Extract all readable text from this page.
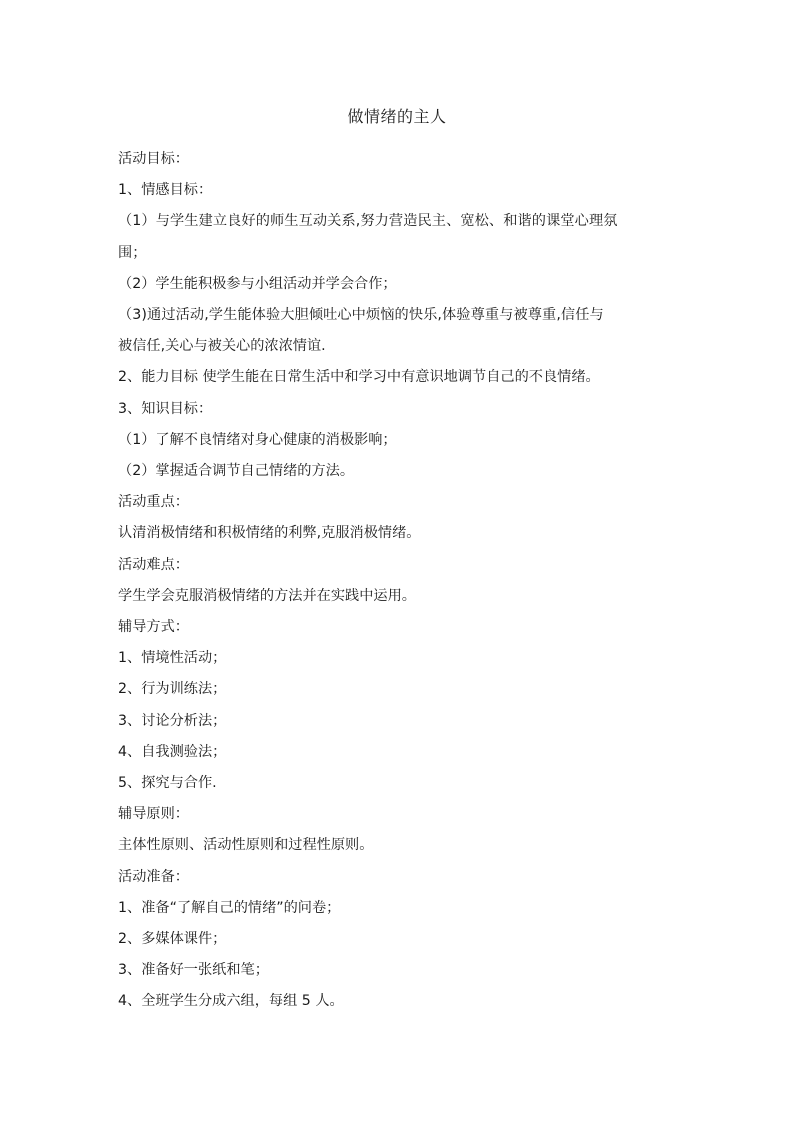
做情绪的主人
活动目标：
1、情感目标：
（1）与学生建立良好的师生互动关系,努力营造民主、宽松、和谐的课堂心理氛
围；
（2）学生能积极参与小组活动并学会合作；
（3)通过活动,学生能体验大胆倾吐心中烦恼的快乐,体验尊重与被尊重,信任与
被信任,关心与被关心的浓浓情谊.
2、能力目标 使学生能在日常生活中和学习中有意识地调节自己的不良情绪。
3、知识目标：
（1）了解不良情绪对身心健康的消极影响；
（2）掌握适合调节自己情绪的方法。
活动重点：
认清消极情绪和积极情绪的利弊,克服消极情绪。
活动难点：
学生学会克服消极情绪的方法并在实践中运用。
辅导方式：
1、情境性活动；
2、行为训练法；
3、讨论分析法；
4、自我测验法；
5、探究与合作.
辅导原则：
主体性原则、活动性原则和过程性原则。
活动准备：
1、准备“了解自己的情绪”的问卷；
2、多媒体课件；
3、准备好一张纸和笔；
4、全班学生分成六组，每组 5 人。
